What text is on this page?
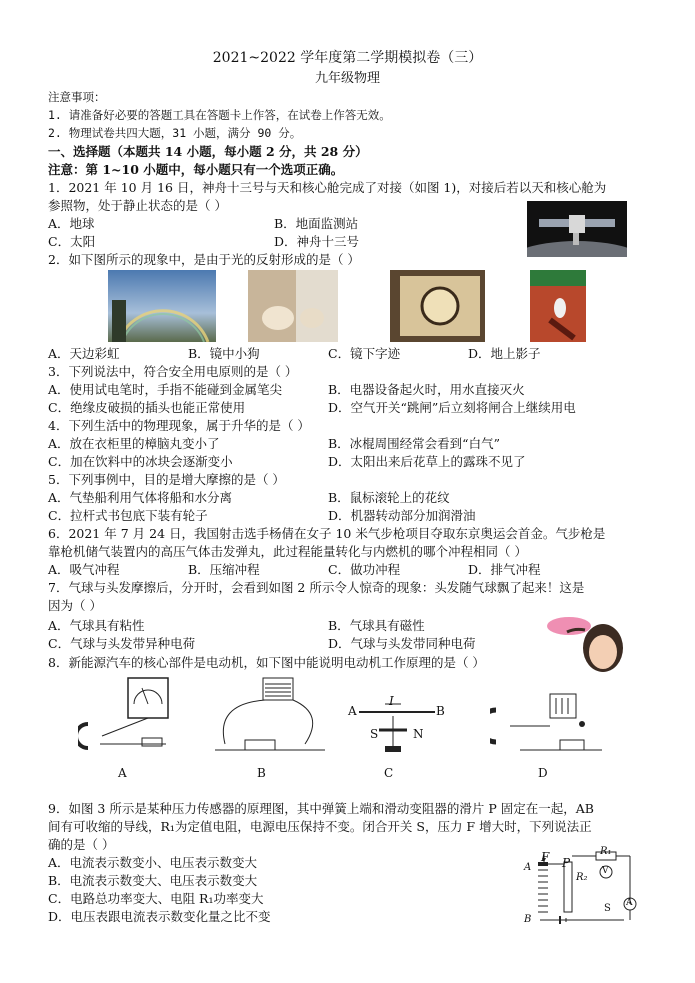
2021~2022 学年度第二学期模拟卷（三）
九年级物理
注意事项：
1. 请准备好必要的答题工具在答题卡上作答，在试卷上作答无效。
2. 物理试卷共四大题，31 小题，满分 90 分。
一、选择题（本题共 14 小题，每小题 2 分，共 28 分）
注意：第 1~10 小题中，每小题只有一个选项正确。
1．2021 年 10 月 16 日，神舟十三号与天和核心舱完成了对接（如图 1)，对接后若以天和核心舱为
参照物，处于静止状态的是（ ）
A．地球	B．地面监测站
C．太阳	D．神舟十三号
2．如下图所示的现象中，是由于光的反射形成的是（ ）
A．天边彩虹	B．镜中小狗	C．镜下字迹	D．地上影子
3．下列说法中，符合安全用电原则的是（ ）
A．使用试电笔时，手指不能碰到金属笔尖	B．电器设备起火时，用水直接灭火
C．绝缘皮破损的插头也能正常使用	D．空气开关“跳闸”后立刻将闸合上继续用电
4．下列生活中的物理现象，属于升华的是（ ）
A．放在衣柜里的樟脑丸变小了	B．冰棍周围经常会看到“白气”
C．加在饮料中的冰块会逐渐变小	D．太阳出来后花草上的露珠不见了
5．下列事例中，目的是增大摩擦的是（ ）
A．气垫船利用气体将船和水分离	B．鼠标滚轮上的花纹
C．拉杆式书包底下装有轮子	D．机器转动部分加润滑油
6．2021 年 7 月 24 日，我国射击选手杨倩在女子 10 米气步枪项目夺取东京奥运会首金。气步枪是
靠枪机储气装置内的高压气体击发弹丸，此过程能量转化与内燃机的哪个冲程相同（ ）
A．吸气冲程	B．压缩冲程	C．做功冲程	D．排气冲程
7．气球与头发摩擦后，分开时，会看到如图 2 所示令人惊奇的现象：头发随气球飘了起来！这是
因为（ ）
A．气球具有粘性	B．气球具有磁性
C．气球与头发带异种电荷	D．气球与头发带同种电荷
8．新能源汽车的核心部件是电动机，如下图中能说明电动机工作原理的是（ ）
A	B
I
A	B
S	N
C	D
9．如图 3 所示是某种压力传感器的原理图，其中弹簧上端和滑动变阻器的滑片 P 固定在一起，AB
间有可收缩的导线，R₁为定值电阻，电源电压保持不变。闭合开关 S，压力 F 增大时，下列说法正
确的是（ ）
A．电流表示数变小、电压表示数变大
B．电流表示数变大、电压表示数变大
C．电路总功率变大、电阻 R₁功率变大
D．电压表跟电流表示数变化量之比不变
F P
R₁
R₂
V
A
S
A
B
